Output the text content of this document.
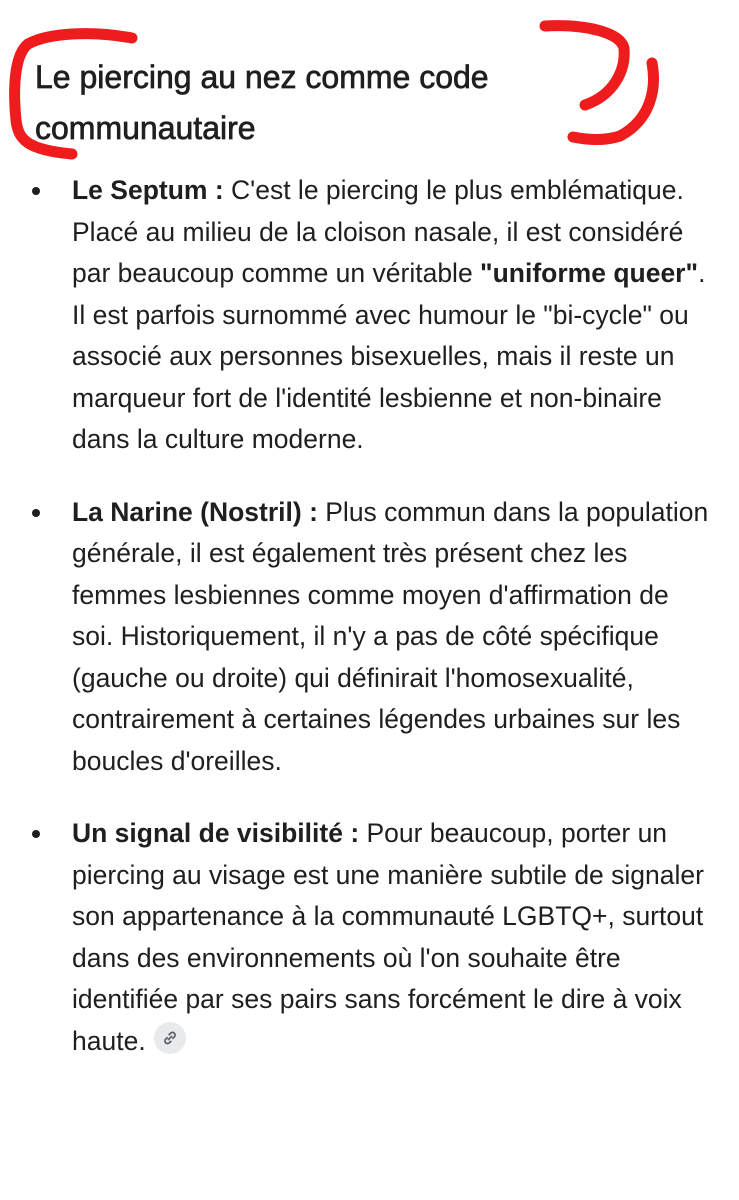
Le piercing au nez comme code communautaire
Le Septum : C'est le piercing le plus emblématique. Placé au milieu de la cloison nasale, il est considéré par beaucoup comme un véritable "uniforme queer". Il est parfois surnommé avec humour le "bi-cycle" ou associé aux personnes bisexuelles, mais il reste un marqueur fort de l'identité lesbienne et non-binaire dans la culture moderne.
La Narine (Nostril) : Plus commun dans la population générale, il est également très présent chez les femmes lesbiennes comme moyen d'affirmation de soi. Historiquement, il n'y a pas de côté spécifique (gauche ou droite) qui définirait l'homosexualité, contrairement à certaines légendes urbaines sur les boucles d'oreilles.
Un signal de visibilité : Pour beaucoup, porter un piercing au visage est une manière subtile de signaler son appartenance à la communauté LGBTQ+, surtout dans des environnements où l'on souhaite être identifiée par ses pairs sans forcément le dire à voix haute.
